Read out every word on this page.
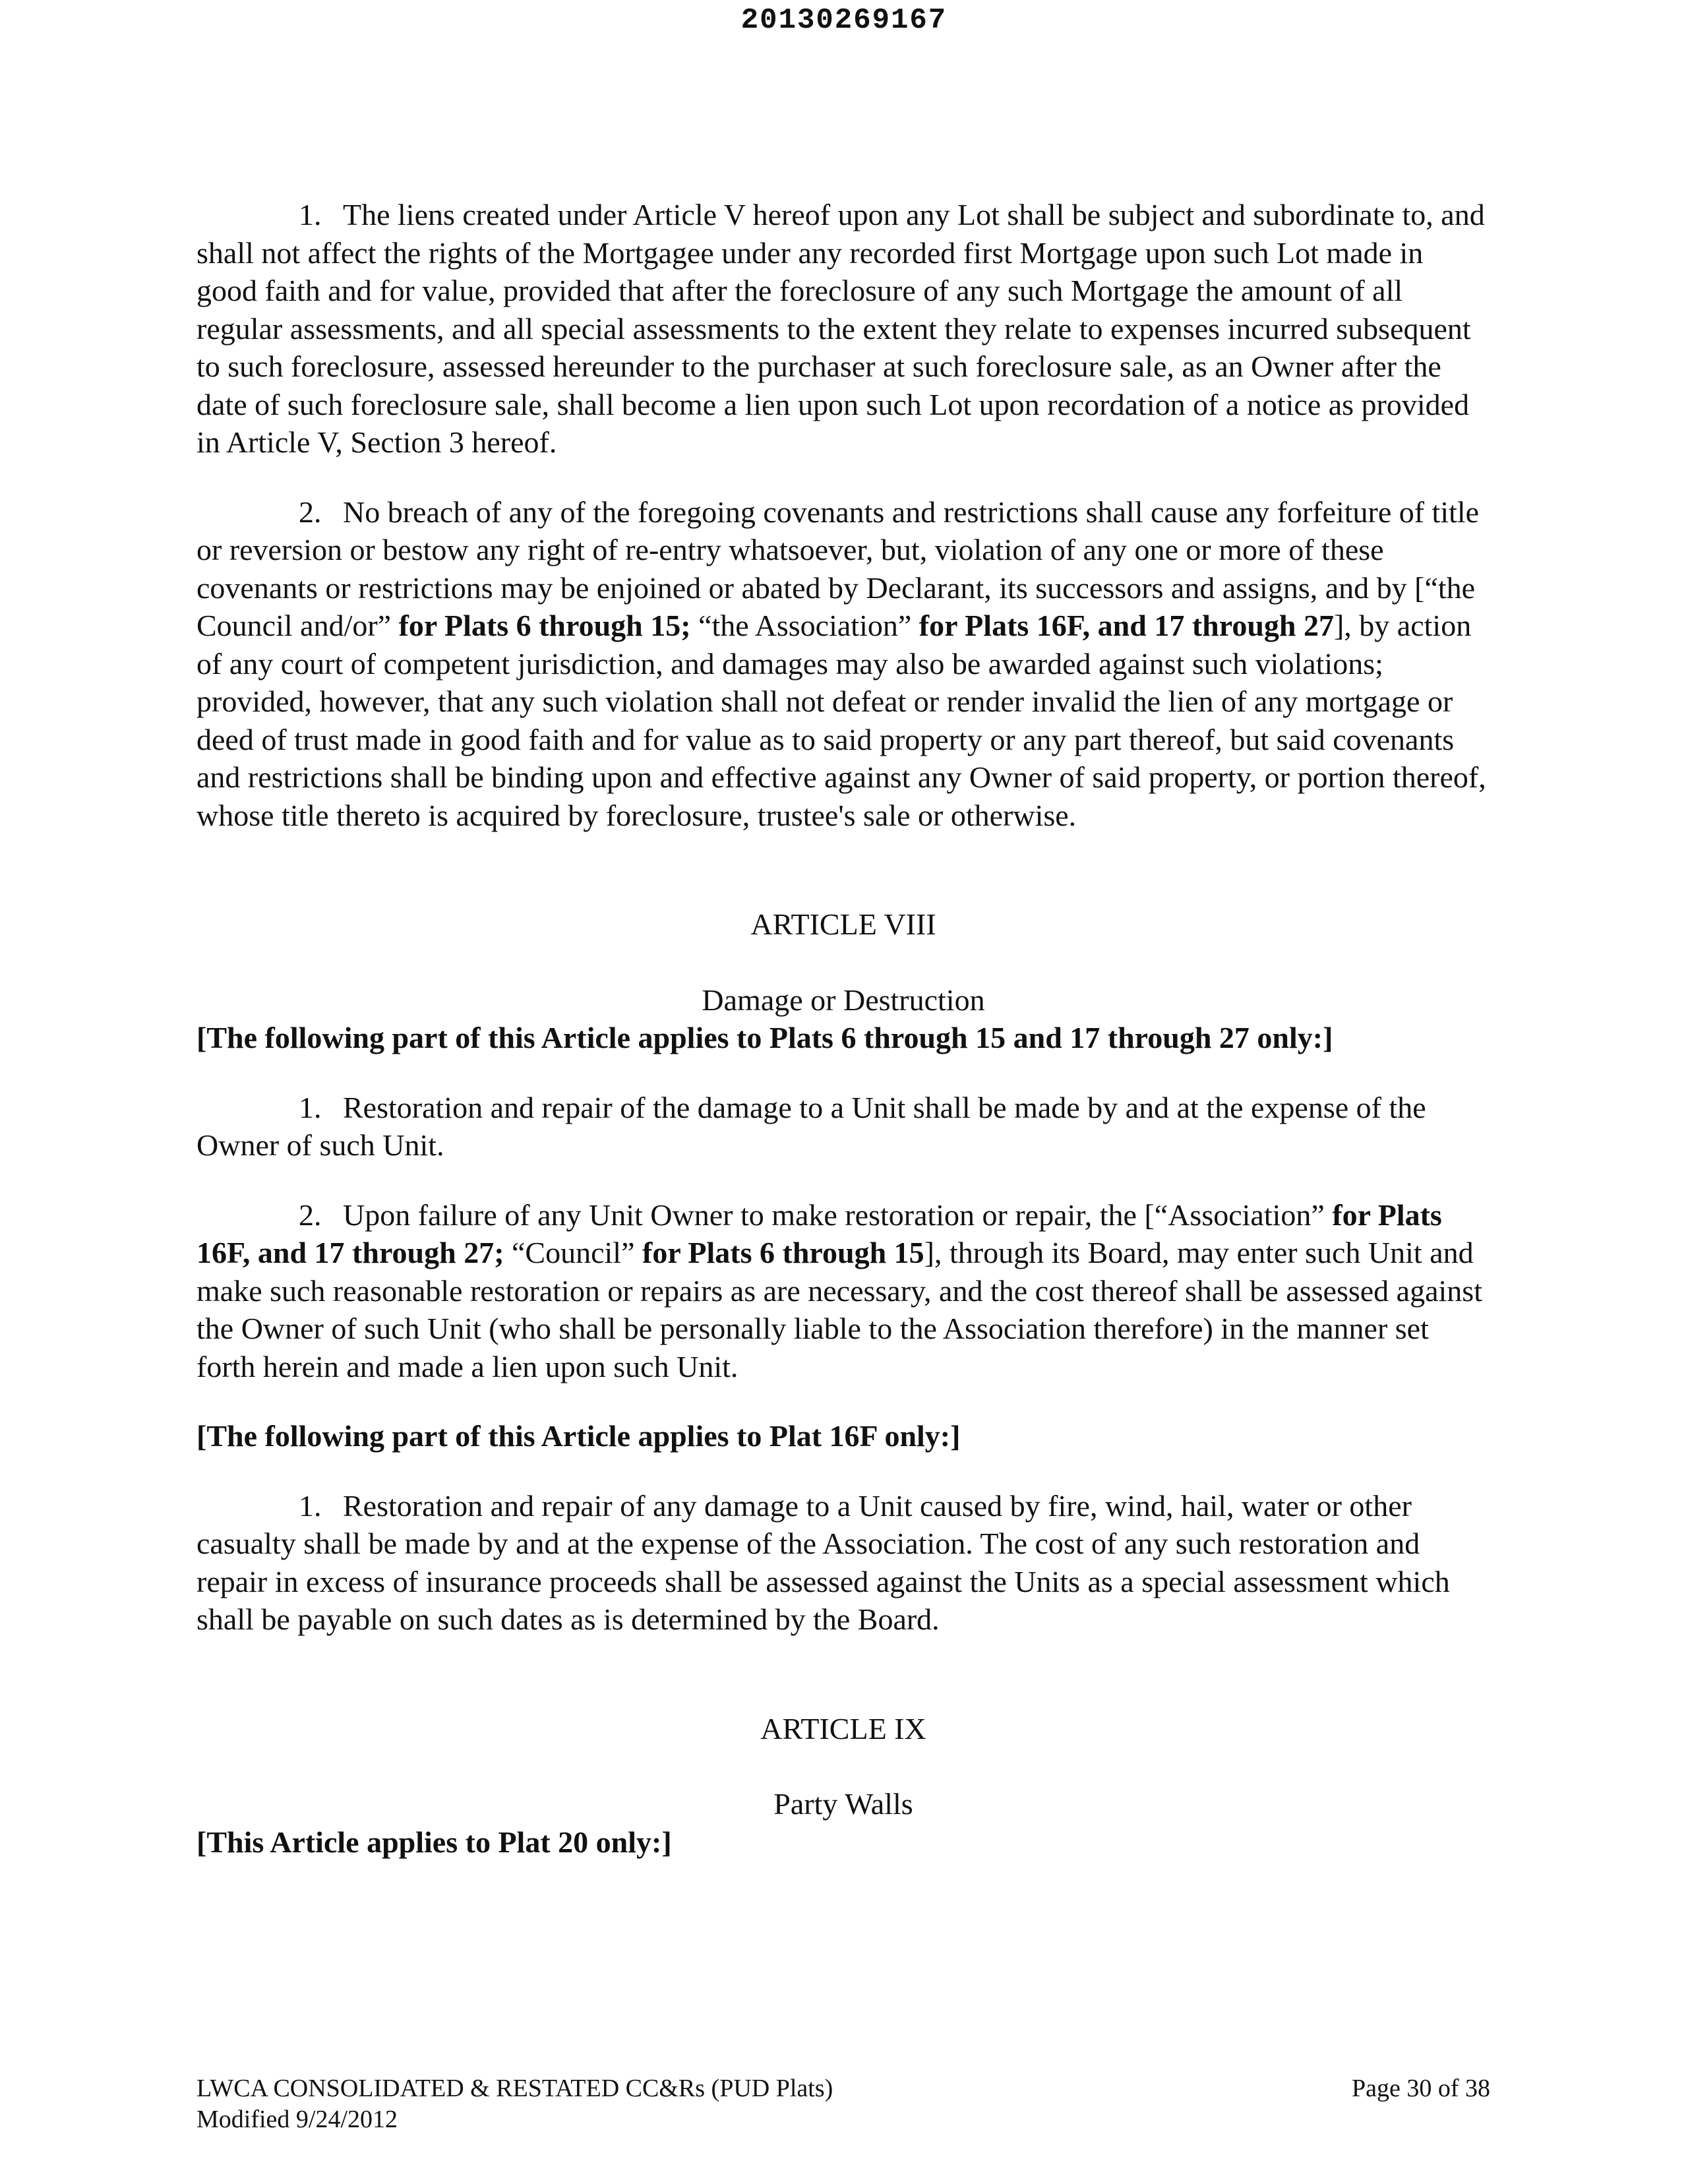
20130269167

1. The liens created under Article V hereof upon any Lot shall be subject and subordinate to, and shall not affect the rights of the Mortgagee under any recorded first Mortgage upon such Lot made in good faith and for value, provided that after the foreclosure of any such Mortgage the amount of all regular assessments, and all special assessments to the extent they relate to expenses incurred subsequent to such foreclosure, assessed hereunder to the purchaser at such foreclosure sale, as an Owner after the date of such foreclosure sale, shall become a lien upon such Lot upon recordation of a notice as provided in Article V, Section 3 hereof.

2. No breach of any of the foregoing covenants and restrictions shall cause any forfeiture of title or reversion or bestow any right of re-entry whatsoever, but, violation of any one or more of these covenants or restrictions may be enjoined or abated by Declarant, its successors and assigns, and by [“the Council and/or” for Plats 6 through 15; “the Association” for Plats 16F, and 17 through 27], by action of any court of competent jurisdiction, and damages may also be awarded against such violations; provided, however, that any such violation shall not defeat or render invalid the lien of any mortgage or deed of trust made in good faith and for value as to said property or any part thereof, but said covenants and restrictions shall be binding upon and effective against any Owner of said property, or portion thereof, whose title thereto is acquired by foreclosure, trustee's sale or otherwise.

ARTICLE VIII

Damage or Destruction

[The following part of this Article applies to Plats 6 through 15 and 17 through 27 only:]

1. Restoration and repair of the damage to a Unit shall be made by and at the expense of the Owner of such Unit.

2. Upon failure of any Unit Owner to make restoration or repair, the [“Association” for Plats 16F, and 17 through 27; “Council” for Plats 6 through 15], through its Board, may enter such Unit and make such reasonable restoration or repairs as are necessary, and the cost thereof shall be assessed against the Owner of such Unit (who shall be personally liable to the Association therefore) in the manner set forth herein and made a lien upon such Unit.

[The following part of this Article applies to Plat 16F only:]

1. Restoration and repair of any damage to a Unit caused by fire, wind, hail, water or other casualty shall be made by and at the expense of the Association. The cost of any such restoration and repair in excess of insurance proceeds shall be assessed against the Units as a special assessment which shall be payable on such dates as is determined by the Board.

ARTICLE IX

Party Walls

[This Article applies to Plat 20 only:]

LWCA CONSOLIDATED & RESTATED CC&Rs (PUD Plats)
Modified 9/24/2012
Page 30 of 38
